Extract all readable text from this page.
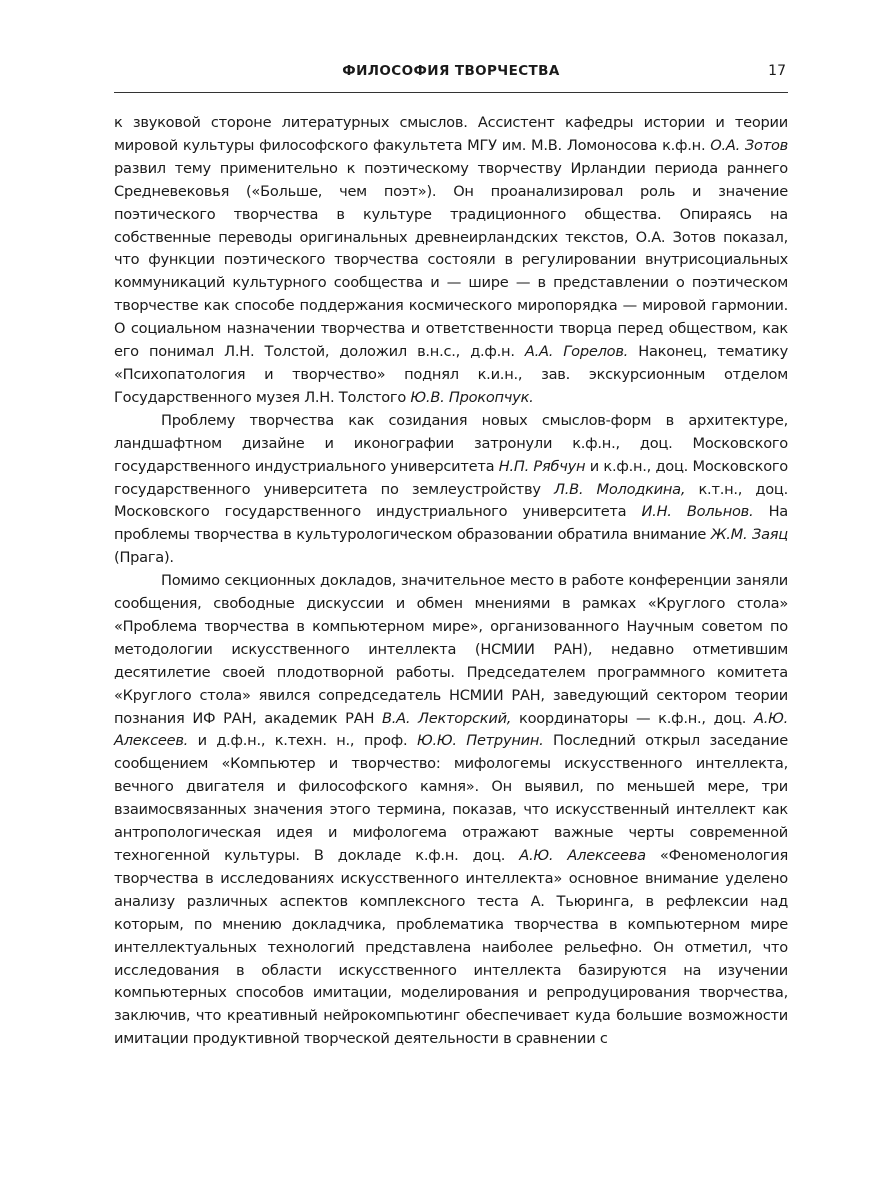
ФИЛОСОФИЯ ТВОРЧЕСТВА	17

к звуковой стороне литературных смыслов. Ассистент кафедры истории и теории мировой культуры философского факультета МГУ им. М.В. Ломоносова к.ф.н. О.А. Зотов развил тему применительно к поэтическому творчеству Ирландии периода раннего Средневековья («Больше, чем поэт»). Он проанализировал роль и значение поэтического творчества в культуре традиционного общества. Опираясь на собственные переводы оригинальных древнеирландских текстов, О.А. Зотов показал, что функции поэтического творчества состояли в регулировании внутрисоциальных коммуникаций культурного сообщества и — шире — в представлении о поэтическом творчестве как способе поддержания космического миропорядка — мировой гармонии. О социальном назначении творчества и ответственности творца перед обществом, как его понимал Л.Н. Толстой, доложил в.н.с., д.ф.н. А.А. Горелов. Наконец, тематику «Психопатология и творчество» поднял к.и.н., зав. экскурсионным отделом Государственного музея Л.Н. Толстого Ю.В. Прокопчук.

Проблему творчества как созидания новых смыслов-форм в архитектуре, ландшафтном дизайне и иконографии затронули к.ф.н., доц. Московского государственного индустриального университета Н.П. Рябчун и к.ф.н., доц. Московского государственного университета по землеустройству Л.В. Молодкина, к.т.н., доц. Московского государственного индустриального университета И.Н. Вольнов. На проблемы творчества в культурологическом образовании обратила внимание Ж.М. Заяц (Прага).

Помимо секционных докладов, значительное место в работе конференции заняли сообщения, свободные дискуссии и обмен мнениями в рамках «Круглого стола» «Проблема творчества в компьютерном мире», организованного Научным советом по методологии искусственного интеллекта (НСМИИ РАН), недавно отметившим десятилетие своей плодотворной работы. Председателем программного комитета «Круглого стола» явился сопредседатель НСМИИ РАН, заведующий сектором теории познания ИФ РАН, академик РАН В.А. Лекторский, координаторы — к.ф.н., доц. А.Ю. Алексеев. и д.ф.н., к.техн. н., проф. Ю.Ю. Петрунин. Последний открыл заседание сообщением «Компьютер и творчество: мифологемы искусственного интеллекта, вечного двигателя и философского камня». Он выявил, по меньшей мере, три взаимосвязанных значения этого термина, показав, что искусственный интеллект как антропологическая идея и мифологема отражают важные черты современной техногенной культуры. В докладе к.ф.н. доц. А.Ю. Алексеева «Феноменология творчества в исследованиях искусственного интеллекта» основное внимание уделено анализу различных аспектов комплексного теста А. Тьюринга, в рефлексии над которым, по мнению докладчика, проблематика творчества в компьютерном мире интеллектуальных технологий представлена наиболее рельефно. Он отметил, что исследования в области искусственного интеллекта базируются на изучении компьютерных способов имитации, моделирования и репродуцирования творчества, заключив, что креативный нейрокомпьютинг обеспечивает куда большие возможности имитации продуктивной творческой деятельности в сравнении с
